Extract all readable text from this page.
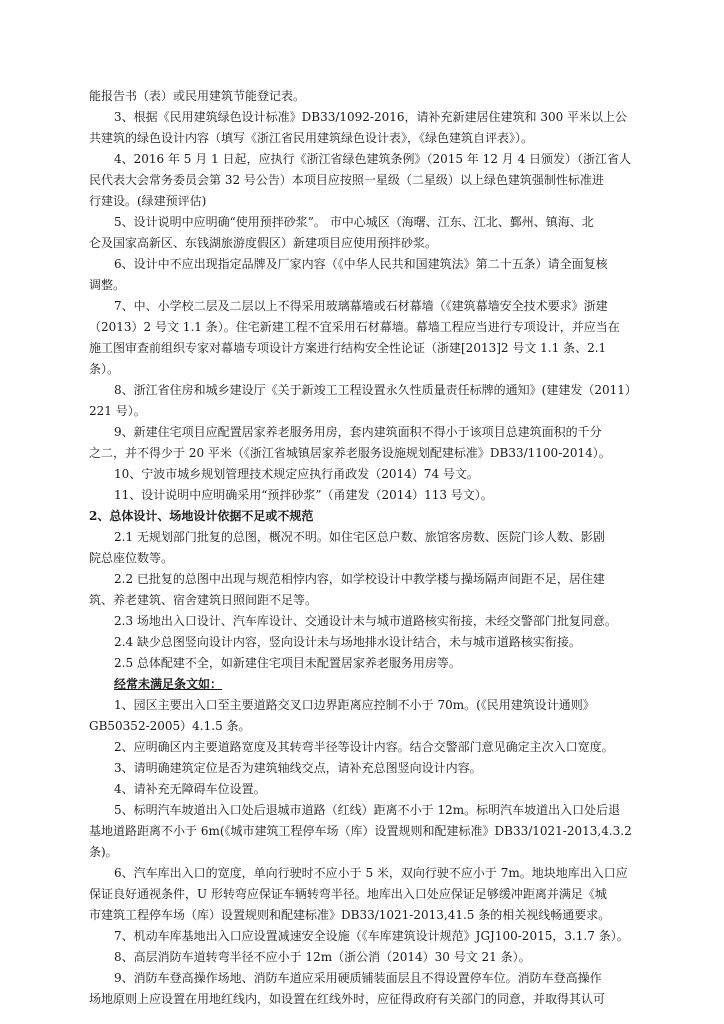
能报告书（表）或民用建筑节能登记表。
3、根据《民用建筑绿色设计标准》DB33/1092-2016，请补充新建居住建筑和 300 平米以上公
共建筑的绿色设计内容（填写《浙江省民用建筑绿色设计表》，《绿色建筑自评表》）。
4、2016 年 5 月 1 日起，应执行《浙江省绿色建筑条例》（2015 年 12 月 4 日颁发）（浙江省人
民代表大会常务委员会第 32 号公告）本项目应按照一星级（二星级）以上绿色建筑强制性标准进
行建设。(绿建预评估)
5、设计说明中应明确“使用预拌砂浆”。 市中心城区（海曙、江东、江北、鄞州、镇海、北
仑及国家高新区、东钱湖旅游度假区）新建项目应使用预拌砂浆。
6、设计中不应出现指定品牌及厂家内容（《中华人民共和国建筑法》第二十五条）请全面复核
调整。
7、中、小学校二层及二层以上不得采用玻璃幕墙或石材幕墙（《建筑幕墙安全技术要求》浙建
（2013）2 号文 1.1 条）。住宅新建工程不宜采用石材幕墙。幕墙工程应当进行专项设计，并应当在
施工图审查前组织专家对幕墙专项设计方案进行结构安全性论证（浙建[2013]2 号文 1.1 条、2.1
条）。
8、浙江省住房和城乡建设厅《关于新竣工工程设置永久性质量责任标牌的通知》(建建发（2011）
221 号）。
9、新建住宅项目应配置居家养老服务用房，套内建筑面积不得小于该项目总建筑面积的千分
之二，并不得少于 20 平米（《浙江省城镇居家养老服务设施规划配建标准》DB33/1100-2014）。
10、宁波市城乡规划管理技术规定应执行甬政发（2014）74 号文。
11、设计说明中应明确采用“预拌砂浆”（甬建发（2014）113 号文）。
2、总体设计、场地设计依据不足或不规范
2.1 无规划部门批复的总图，概况不明。如住宅区总户数、旅馆客房数、医院门诊人数、影剧
院总座位数等。
2.2 已批复的总图中出现与规范相悖内容，如学校设计中教学楼与操场隔声间距不足，居住建
筑、养老建筑、宿舍建筑日照间距不足等。
2.3 场地出入口设计、汽车库设计、交通设计未与城市道路核实衔接，未经交警部门批复同意。
2.4 缺少总图竖向设计内容，竖向设计未与场地排水设计结合，未与城市道路核实衔接。
2.5 总体配建不全，如新建住宅项目未配置居家养老服务用房等。
经常未满足条文如：
1、园区主要出入口至主要道路交叉口边界距离应控制不小于 70m。(《民用建筑设计通则》
GB50352-2005）4.1.5 条。
2、应明确区内主要道路宽度及其转弯半径等设计内容。结合交警部门意见确定主次入口宽度。
3、请明确建筑定位是否为建筑轴线交点，请补充总图竖向设计内容。
4、请补充无障碍车位设置。
5、标明汽车坡道出入口处后退城市道路（红线）距离不小于 12m。标明汽车坡道出入口处后退
基地道路距离不小于 6m(《城市建筑工程停车场（库）设置规则和配建标准》DB33/1021-2013,4.3.2
条)。
6、汽车库出入口的宽度，单向行驶时不应小于 5 米，双向行驶不应小于 7m。地块地库出入口应
保证良好通视条件，U 形转弯应保证车辆转弯半径。地库出入口处应保证足够缓冲距离并满足《城
市建筑工程停车场（库）设置规则和配建标准》DB33/1021-2013,41.5 条的相关视线畅通要求。
7、机动车库基地出入口应设置减速安全设施（《车库建筑设计规范》JGJ100-2015，3.1.7 条）。
8、高层消防车道转弯半径不应小于 12m（浙公消（2014）30 号文 21 条）。
9、消防车登高操作场地、消防车道应采用硬质铺装面层且不得设置停车位。消防车登高操作
场地原则上应设置在用地红线内，如设置在红线外时，应征得政府有关部门的同意，并取得其认可
